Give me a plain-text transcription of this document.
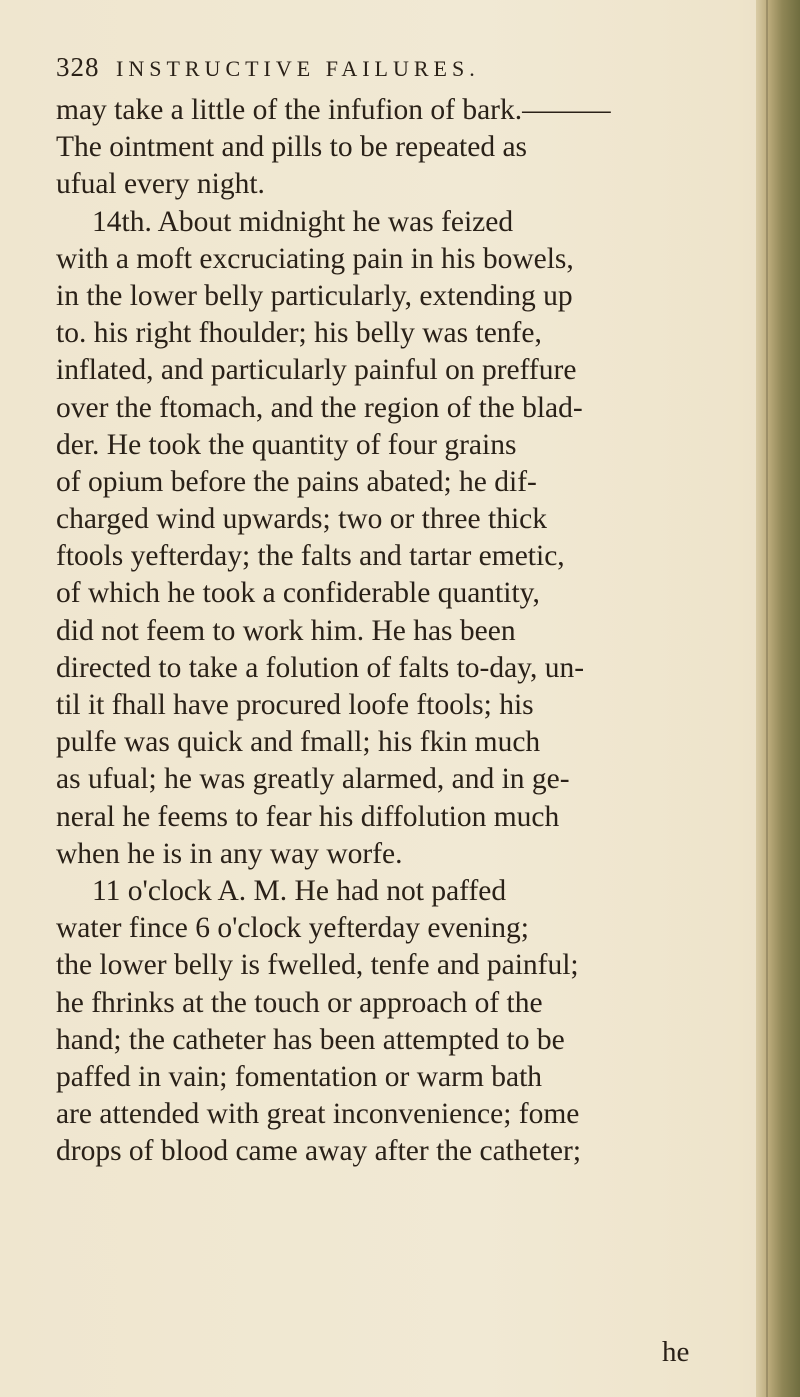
328 INSTRUCTIVE FAILURES.
may take a little of the infufion of bark.———
The ointment and pills to be repeated as
ufual every night.
14th. About midnight he was feized
with a moft excruciating pain in his bowels,
in the lower belly particularly, extending up
to. his right fhoulder; his belly was tenfe,
inflated, and particularly painful on preffure
over the ftomach, and the region of the blad-
der. He took the quantity of four grains
of opium before the pains abated; he dif-
charged wind upwards; two or three thick
ftools yefterday; the falts and tartar emetic,
of which he took a confiderable quantity,
did not feem to work him. He has been
directed to take a folution of falts to-day, un-
til it fhall have procured loofe ftools; his
pulfe was quick and fmall; his fkin much
as ufual; he was greatly alarmed, and in ge-
neral he feems to fear his diffolution much
when he is in any way worfe.
11 o'clock A. M. He had not paffed
water fince 6 o'clock yefterday evening;
the lower belly is fwelled, tenfe and painful;
he fhrinks at the touch or approach of the
hand; the catheter has been attempted to be
paffed in vain; fomentation or warm bath
are attended with great inconvenience; fome
drops of blood came away after the catheter;
he
